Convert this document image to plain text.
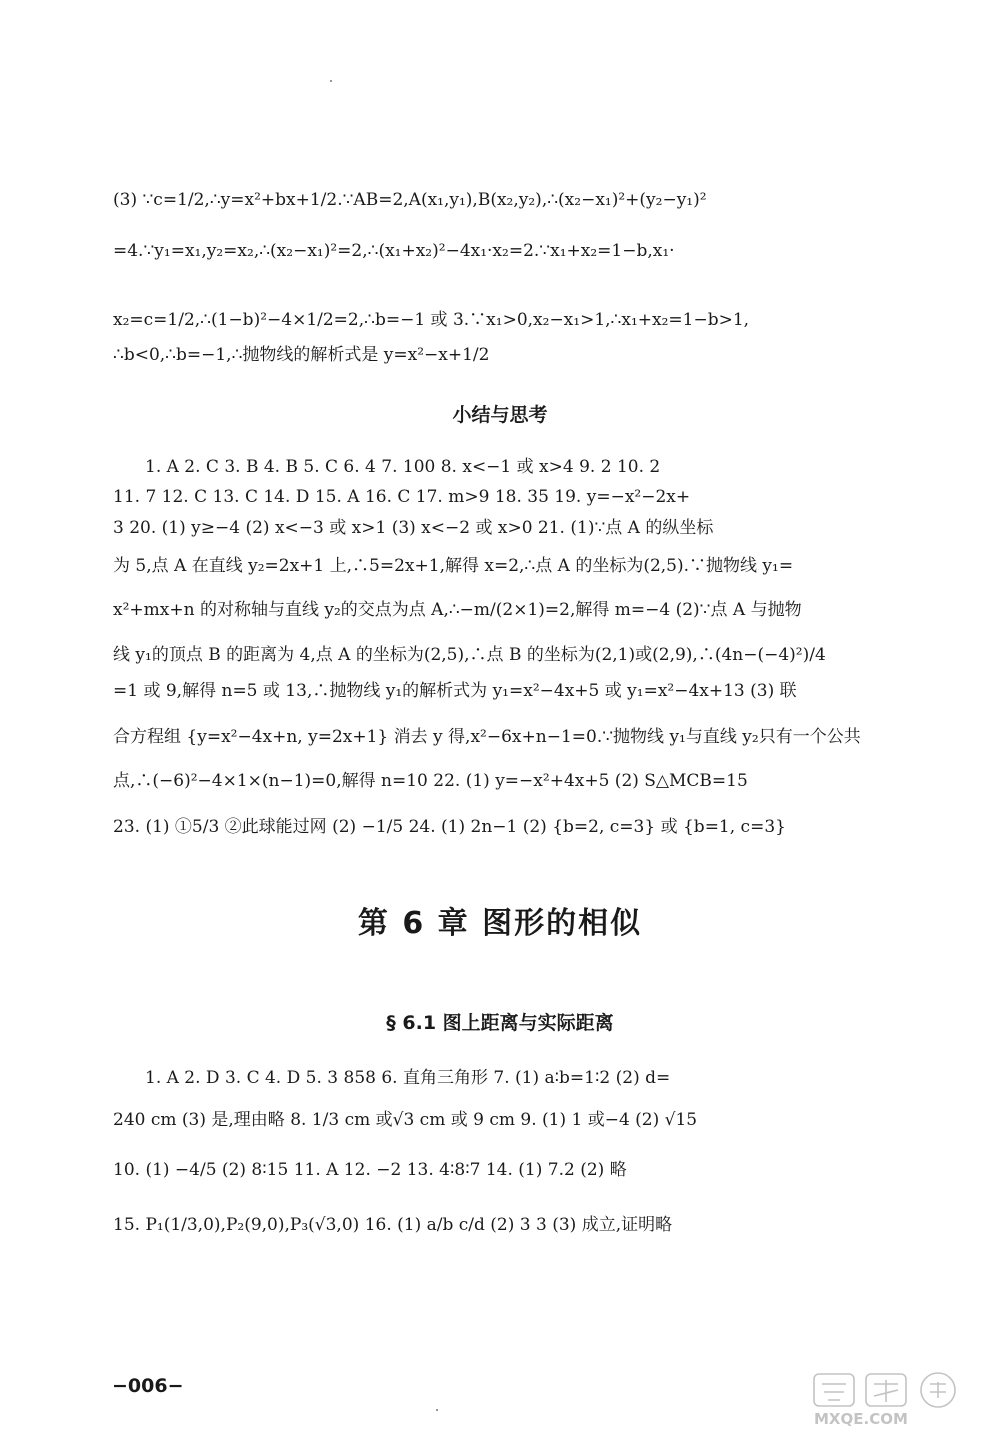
(3) ∵c=1/2,∴y=x²+bx+1/2.∵AB=2,A(x₁,y₁),B(x₂,y₂),∴(x₂−x₁)²+(y₂−y₁)²
=4.∵y₁=x₁,y₂=x₂,∴(x₂−x₁)²=2,∴(x₁+x₂)²−4x₁·x₂=2.∵x₁+x₂=1−b,x₁·
x₂=c=1/2,∴(1−b)²−4×1/2=2,∴b=−1 或 3.∵x₁>0,x₂−x₁>1,∴x₁+x₂=1−b>1,
∴b<0,∴b=−1,∴抛物线的解析式是 y=x²−x+1/2
小结与思考
1. A 2. C 3. B 4. B 5. C 6. 4 7. 100 8. x<−1 或 x>4 9. 2 10. 2
11. 7 12. C 13. C 14. D 15. A 16. C 17. m>9 18. 35 19. y=−x²−2x+
3 20. (1) y≥−4 (2) x<−3 或 x>1 (3) x<−2 或 x>0 21. (1)∵点 A 的纵坐标
为 5,点 A 在直线 y₂=2x+1 上,∴5=2x+1,解得 x=2,∴点 A 的坐标为(2,5).∵抛物线 y₁=
x²+mx+n 的对称轴与直线 y₂的交点为点 A,∴−m/(2×1)=2,解得 m=−4 (2)∵点 A 与抛物
线 y₁的顶点 B 的距离为 4,点 A 的坐标为(2,5),∴点 B 的坐标为(2,1)或(2,9),∴(4n−(−4)²)/4
=1 或 9,解得 n=5 或 13,∴抛物线 y₁的解析式为 y₁=x²−4x+5 或 y₁=x²−4x+13 (3) 联
合方程组 {y=x²−4x+n, y=2x+1} 消去 y 得,x²−6x+n−1=0.∵抛物线 y₁与直线 y₂只有一个公共
点,∴(−6)²−4×1×(n−1)=0,解得 n=10 22. (1) y=−x²+4x+5 (2) S△MCB=15
23. (1) ①5/3 ②此球能过网 (2) −1/5 24. (1) 2n−1 (2) {b=2, c=3} 或 {b=1, c=3}
第 6 章 图形的相似
§ 6.1 图上距离与实际距离
1. A 2. D 3. C 4. D 5. 3 858 6. 直角三角形 7. (1) a∶b=1∶2 (2) d=
240 cm (3) 是,理由略 8. 1/3 cm 或√3 cm 或 9 cm 9. (1) 1 或−4 (2) √15
10. (1) −4/5 (2) 8∶15 11. A 12. −2 13. 4∶8∶7 14. (1) 7.2 (2) 略
15. P₁(1/3,0),P₂(9,0),P₃(√3,0) 16. (1) a/b c/d (2) 3 3 (3) 成立,证明略
−006−
MXQE.COM
